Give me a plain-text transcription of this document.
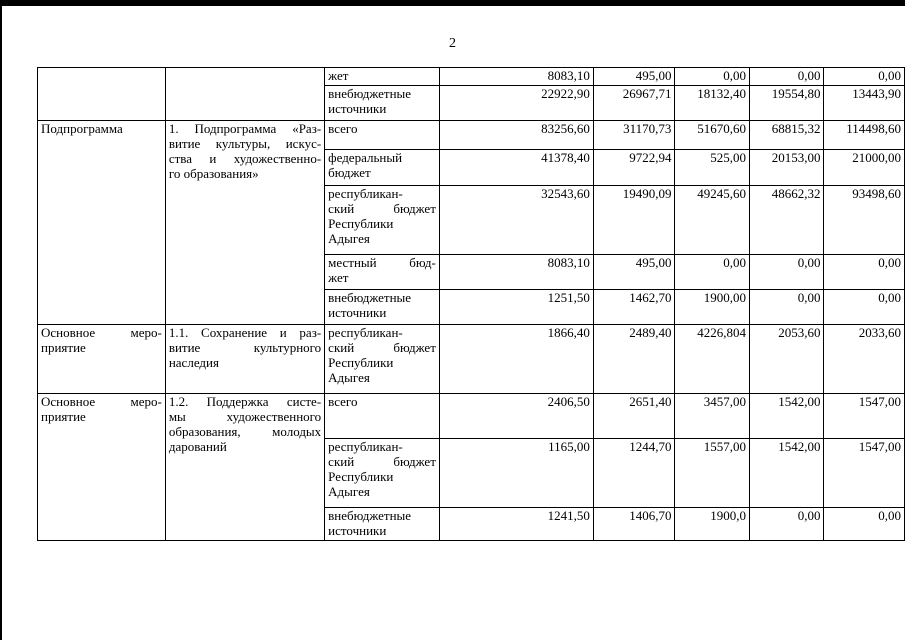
2

		жет	8083,10	495,00	0,00	0,00	0,00

		внебюджетные
источники	22922,90	26967,71	18132,40	19554,80	13443,90

Подпрограмма	1. Подпрограмма «Раз-
витие культуры, искус-
ства и художественно-
го образования»	всего	83256,60	31170,73	51670,60	68815,32	114498,60

		федеральный
бюджет	41378,40	9722,94	525,00	20153,00	21000,00

		республикан-
ский бюджет
Республики
Адыгея	32543,60	19490,09	49245,60	48662,32	93498,60

		местный бюд-
жет	8083,10	495,00	0,00	0,00	0,00

		внебюджетные
источники	1251,50	1462,70	1900,00	0,00	0,00

Основное меро-
приятие	1.1. Сохранение и раз-
витие культурного
наследия	республикан-
ский бюджет
Республики
Адыгея	1866,40	2489,40	4226,804	2053,60	2033,60

Основное меро-
приятие	1.2. Поддержка систе-
мы художественного
образования, молодых
дарований	всего	2406,50	2651,40	3457,00	1542,00	1547,00

		республикан-
ский бюджет
Республики
Адыгея	1165,00	1244,70	1557,00	1542,00	1547,00

		внебюджетные
источники	1241,50	1406,70	1900,0	0,00	0,00
